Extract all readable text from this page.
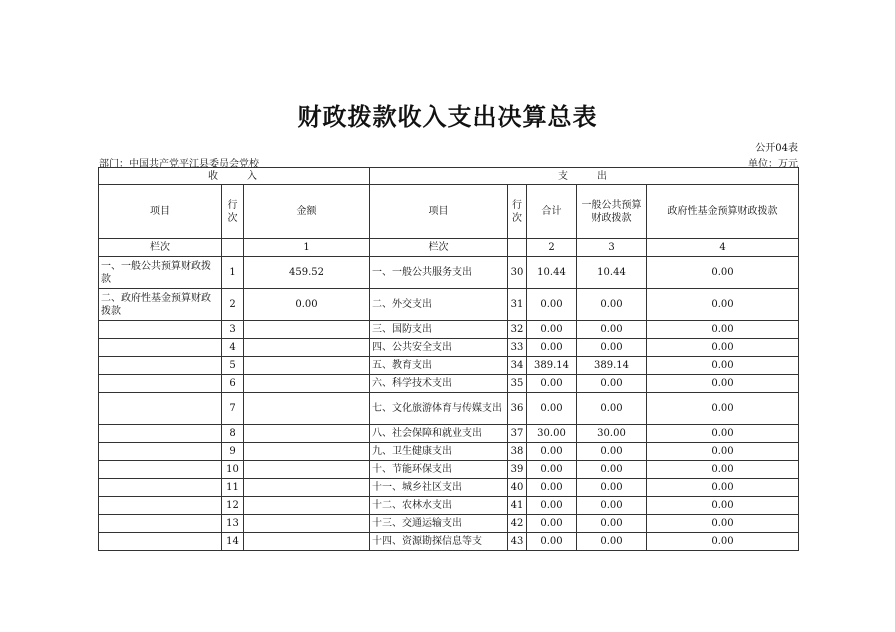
财政拨款收入支出决算总表
公开04表
部门：中国共产党平江县委员会党校	单位：万元
收　　入			支　　出				
项目	行次	金额	项目	行次	合计	一般公共预算财政拨款	政府性基金预算财政拨款
栏次		1	栏次		2	3	4
一、一般公共预算财政拨款	1	459.52	一、一般公共服务支出	30	10.44	10.44	0.00
二、政府性基金预算财政拨款	2	0.00	二、外交支出	31	0.00	0.00	0.00
	3		三、国防支出	32	0.00	0.00	0.00
	4		四、公共安全支出	33	0.00	0.00	0.00
	5		五、教育支出	34	389.14	389.14	0.00
	6		六、科学技术支出	35	0.00	0.00	0.00
	7		七、文化旅游体育与传媒支出	36	0.00	0.00	0.00
	8		八、社会保障和就业支出	37	30.00	30.00	0.00
	9		九、卫生健康支出	38	0.00	0.00	0.00
	10		十、节能环保支出	39	0.00	0.00	0.00
	11		十一、城乡社区支出	40	0.00	0.00	0.00
	12		十二、农林水支出	41	0.00	0.00	0.00
	13		十三、交通运输支出	42	0.00	0.00	0.00
	14		十四、资源勘探信息等支	43	0.00	0.00	0.00
